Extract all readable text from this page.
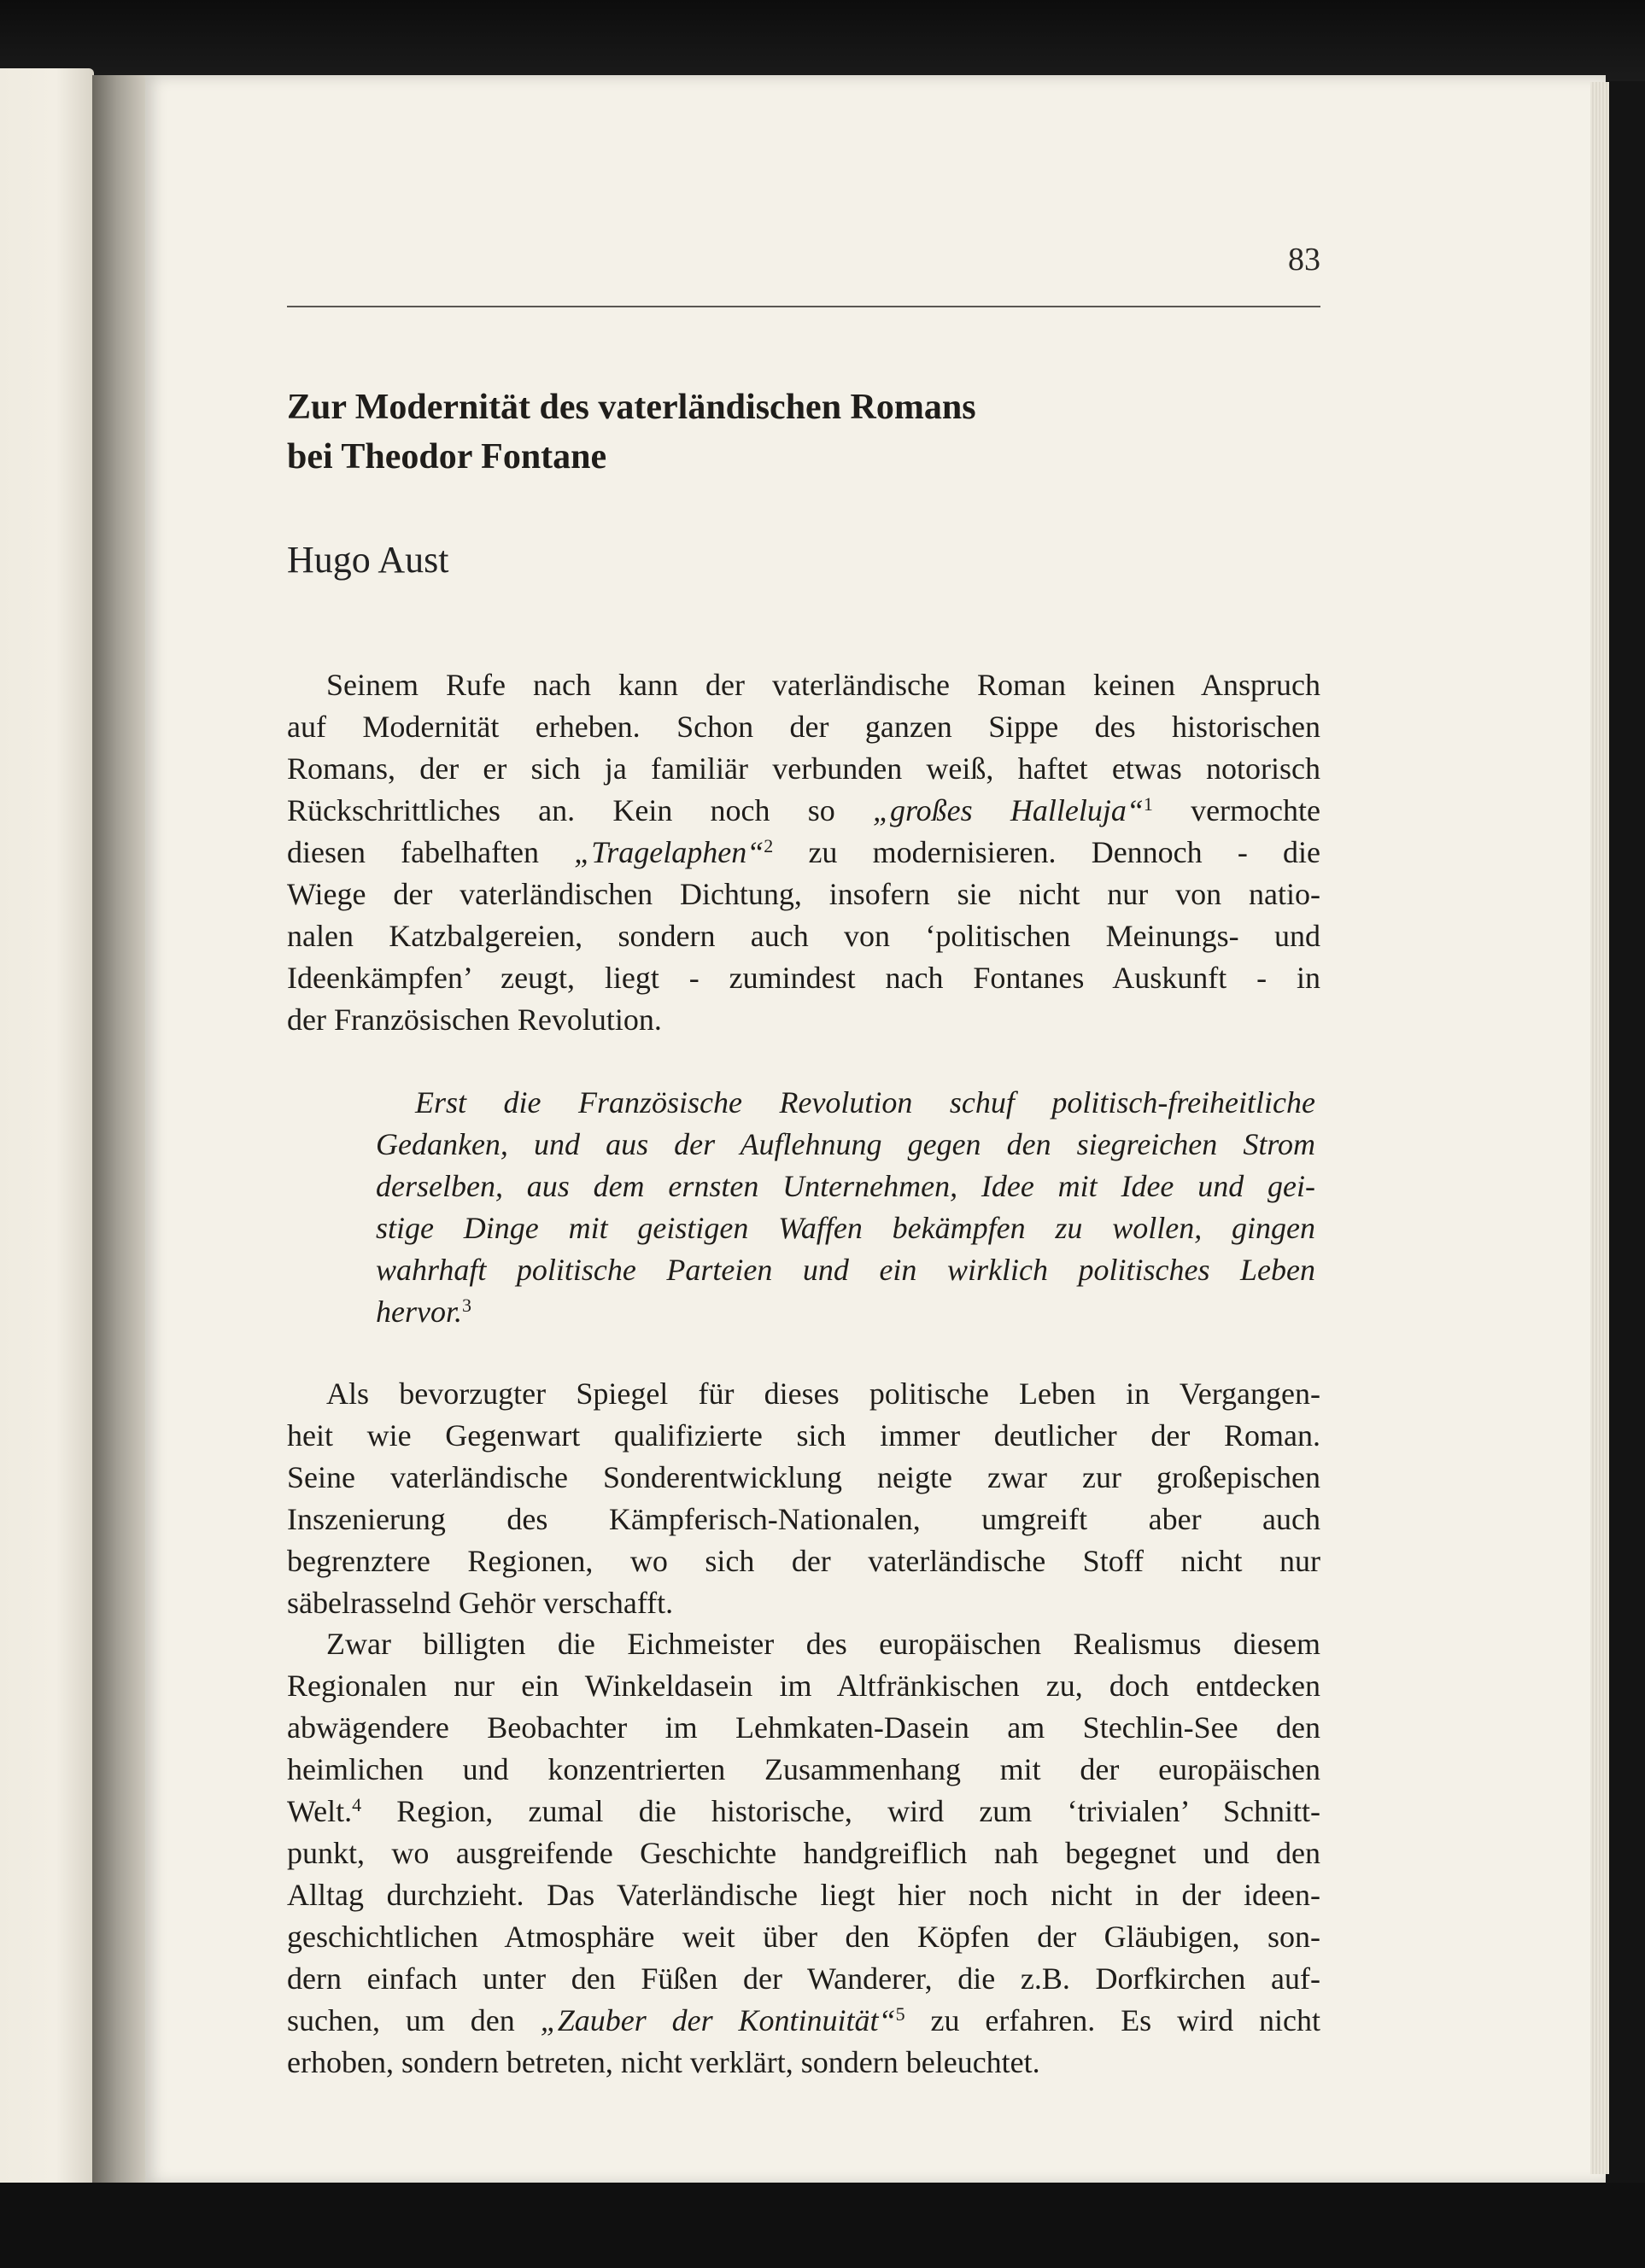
83
Zur Modernität des vaterländischen Romans
bei Theodor Fontane

Hugo Aust

Seinem Rufe nach kann der vaterländische Roman keinen Anspruch
auf Modernität erheben. Schon der ganzen Sippe des historischen
Romans, der er sich ja familiär verbunden weiß, haftet etwas notorisch
Rückschrittliches an. Kein noch so „großes Halleluja“$^1$ vermochte
diesen fabelhaften „Tragelaphen“$^2$ zu modernisieren. Dennoch - die
Wiege der vaterländischen Dichtung, insofern sie nicht nur von natio-
nalen Katzbalgereien, sondern auch von ‘politischen Meinungs- und
Ideenkämpfen’ zeugt, liegt - zumindest nach Fontanes Auskunft - in
der Französischen Revolution.
Erst die Französische Revolution schuf politisch-freiheitliche
Gedanken, und aus der Auflehnung gegen den siegreichen Strom
derselben, aus dem ernsten Unternehmen, Idee mit Idee und gei-
stige Dinge mit geistigen Waffen bekämpfen zu wollen, gingen
wahrhaft politische Parteien und ein wirklich politisches Leben
hervor.$^3$
Als bevorzugter Spiegel für dieses politische Leben in Vergangen-
heit wie Gegenwart qualifizierte sich immer deutlicher der Roman.
Seine vaterländische Sonderentwicklung neigte zwar zur großepischen
Inszenierung des Kämpferisch-Nationalen, umgreift aber auch
begrenztere Regionen, wo sich der vaterländische Stoff nicht nur
säbelrasselnd Gehör verschafft.
Zwar billigten die Eichmeister des europäischen Realismus diesem
Regionalen nur ein Winkeldasein im Altfränkischen zu, doch entdecken
abwägendere Beobachter im Lehmkaten-Dasein am Stechlin-See den
heimlichen und konzentrierten Zusammenhang mit der europäischen
Welt.$^4$ Region, zumal die historische, wird zum ‘trivialen’ Schnitt-
punkt, wo ausgreifende Geschichte handgreiflich nah begegnet und den
Alltag durchzieht. Das Vaterländische liegt hier noch nicht in der ideen-
geschichtlichen Atmosphäre weit über den Köpfen der Gläubigen, son-
dern einfach unter den Füßen der Wanderer, die z.B. Dorfkirchen auf-
suchen, um den „Zauber der Kontinuität“$^5$ zu erfahren. Es wird nicht
erhoben, sondern betreten, nicht verklärt, sondern beleuchtet.
